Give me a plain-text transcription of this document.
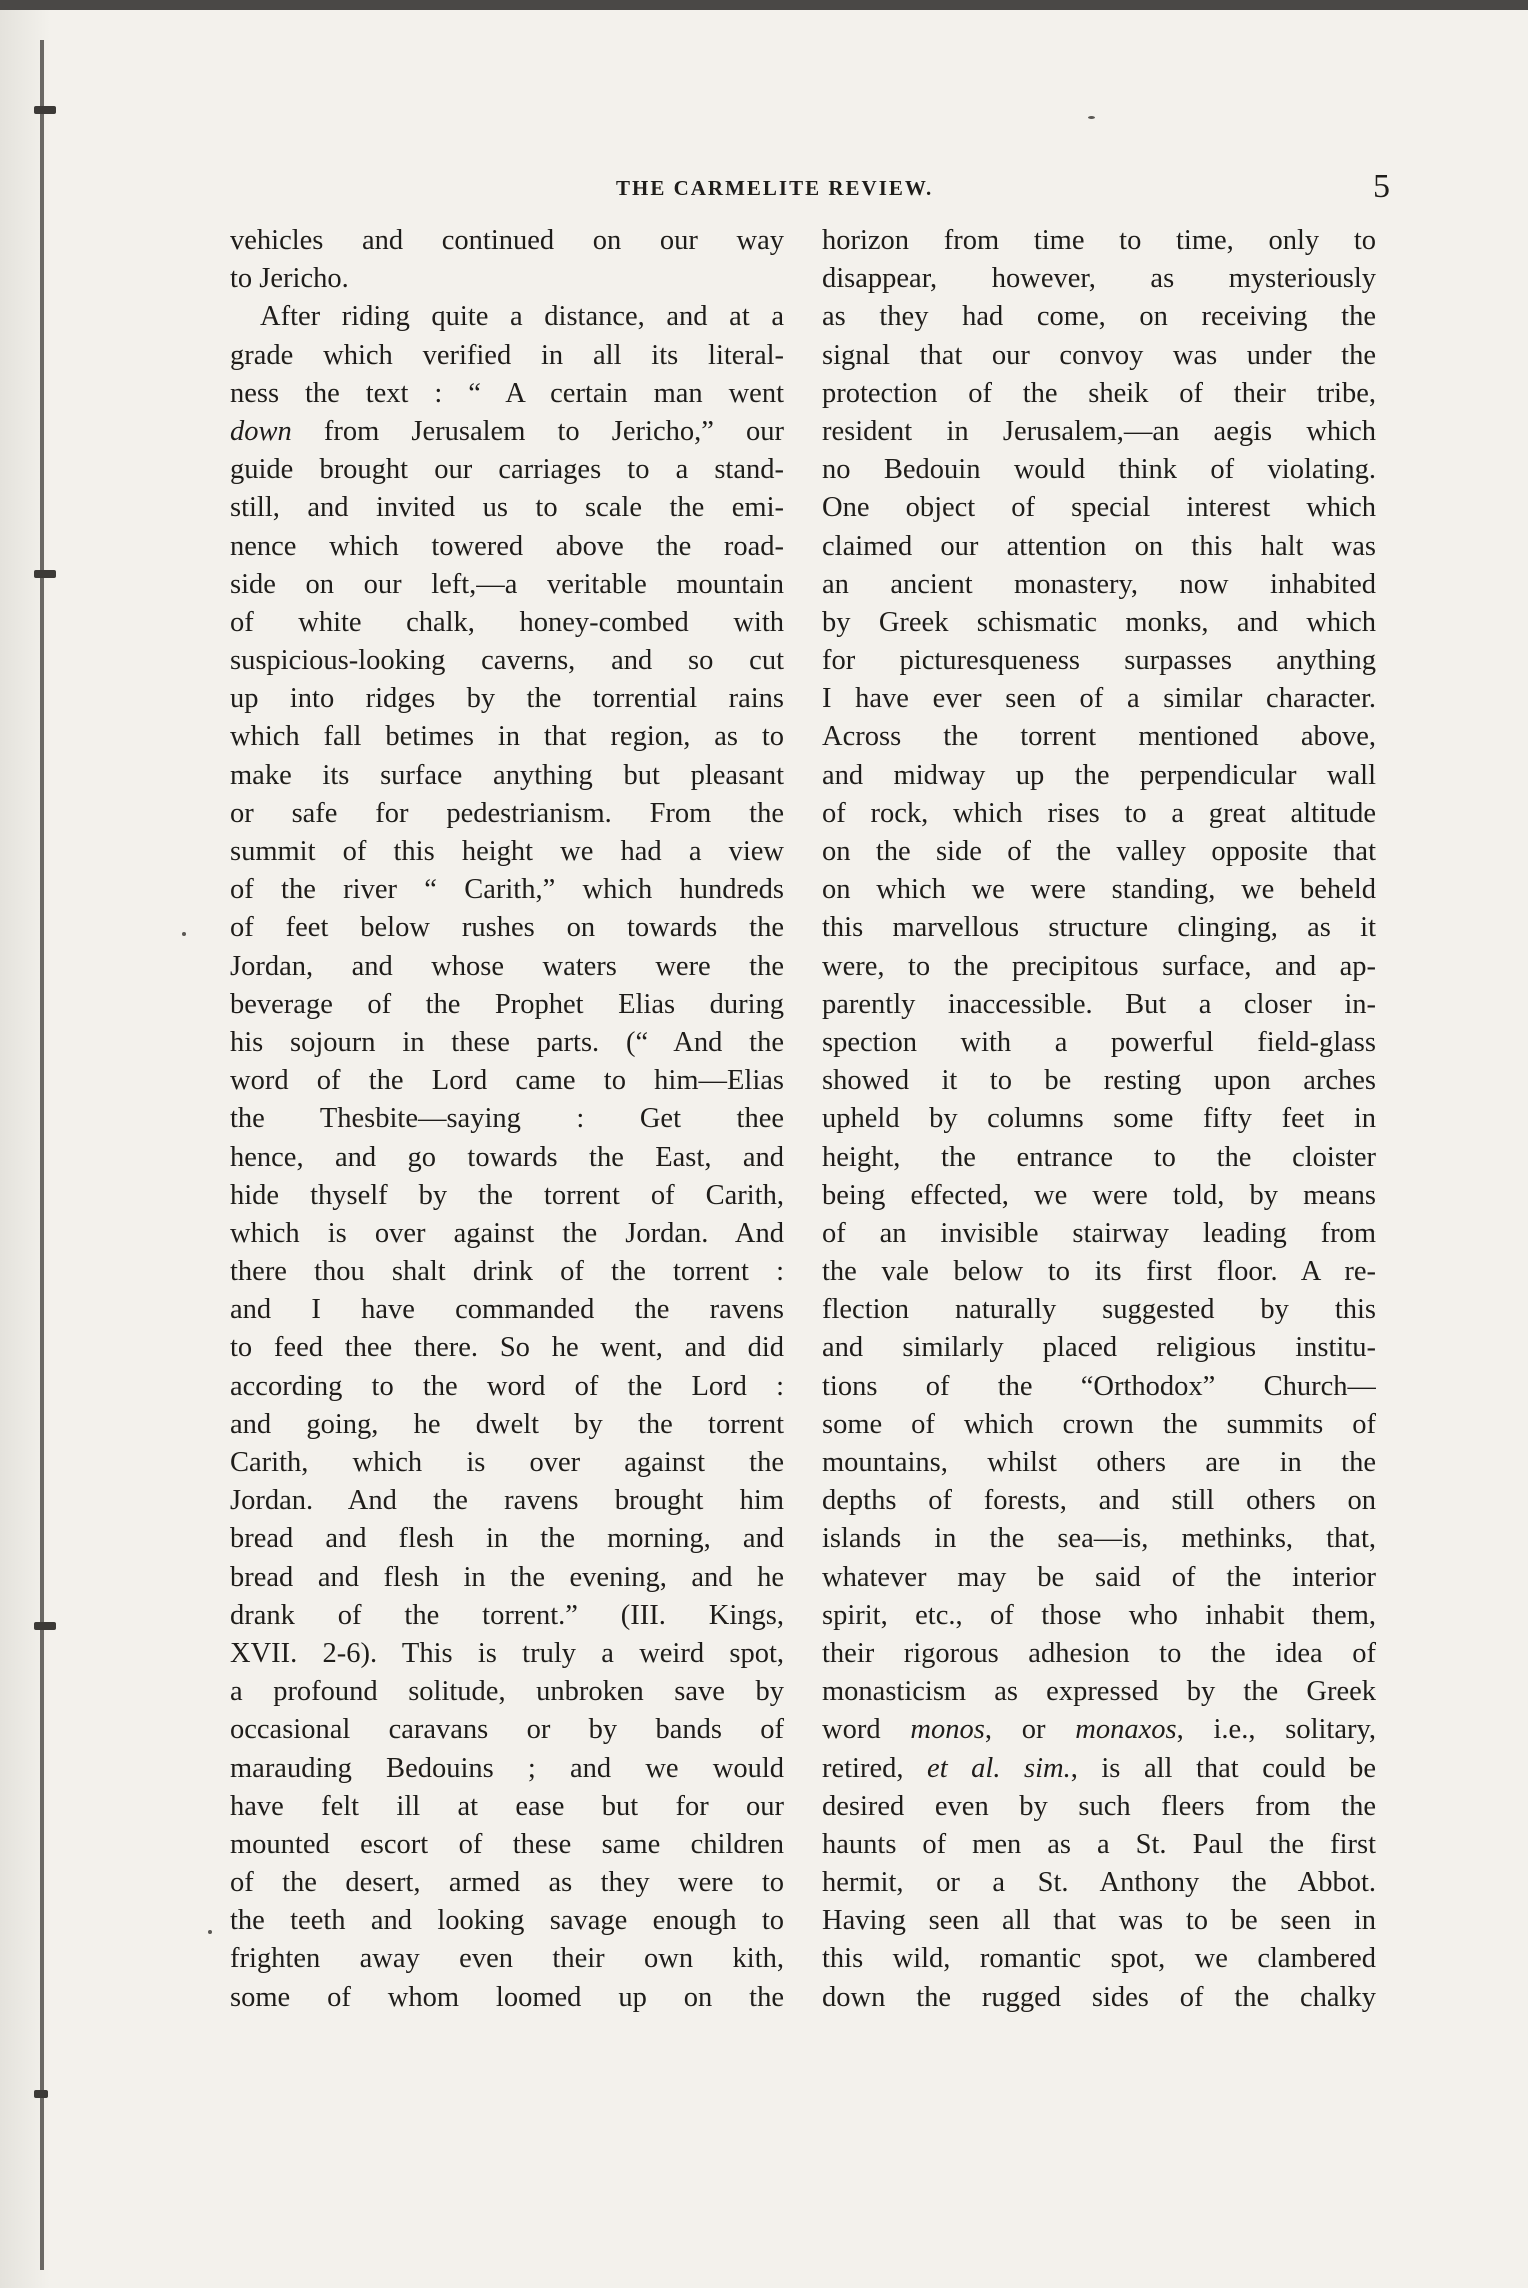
THE CARMELITE REVIEW.	5
vehicles and continued on our way
to Jericho.
After riding quite a distance, and at a
grade which verified in all its literal-
ness the text : “ A certain man went
down from Jerusalem to Jericho,” our
guide brought our carriages to a stand-
still, and invited us to scale the emi-
nence which towered above the road-
side on our left,—a veritable mountain
of white chalk, honey-combed with
suspicious-looking caverns, and so cut
up into ridges by the torrential rains
which fall betimes in that region, as to
make its surface anything but pleasant
or safe for pedestrianism. From the
summit of this height we had a view
of the river “ Carith,” which hundreds
of feet below rushes on towards the
Jordan, and whose waters were the
beverage of the Prophet Elias during
his sojourn in these parts. (“ And the
word of the Lord came to him—Elias
the Thesbite—saying : Get thee
hence, and go towards the East, and
hide thyself by the torrent of Carith,
which is over against the Jordan. And
there thou shalt drink of the torrent :
and I have commanded the ravens
to feed thee there. So he went, and did
according to the word of the Lord :
and going, he dwelt by the torrent
Carith, which is over against the
Jordan. And the ravens brought him
bread and flesh in the morning, and
bread and flesh in the evening, and he
drank of the torrent.” (III. Kings,
XVII. 2-6). This is truly a weird spot,
a profound solitude, unbroken save by
occasional caravans or by bands of
marauding Bedouins ; and we would
have felt ill at ease but for our
mounted escort of these same children
of the desert, armed as they were to
the teeth and looking savage enough to
frighten away even their own kith,
some of whom loomed up on the
horizon from time to time, only to
disappear, however, as mysteriously
as they had come, on receiving the
signal that our convoy was under the
protection of the sheik of their tribe,
resident in Jerusalem,—an aegis which
no Bedouin would think of violating.
One object of special interest which
claimed our attention on this halt was
an ancient monastery, now inhabited
by Greek schismatic monks, and which
for picturesqueness surpasses anything
I have ever seen of a similar character.
Across the torrent mentioned above,
and midway up the perpendicular wall
of rock, which rises to a great altitude
on the side of the valley opposite that
on which we were standing, we beheld
this marvellous structure clinging, as it
were, to the precipitous surface, and ap-
parently inaccessible. But a closer in-
spection with a powerful field-glass
showed it to be resting upon arches
upheld by columns some fifty feet in
height, the entrance to the cloister
being effected, we were told, by means
of an invisible stairway leading from
the vale below to its first floor. A re-
flection naturally suggested by this
and similarly placed religious institu-
tions of the “Orthodox” Church—
some of which crown the summits of
mountains, whilst others are in the
depths of forests, and still others on
islands in the sea—is, methinks, that,
whatever may be said of the interior
spirit, etc., of those who inhabit them,
their rigorous adhesion to the idea of
monasticism as expressed by the Greek
word monos, or monaxos, i.e., solitary,
retired, et al. sim., is all that could be
desired even by such fleers from the
haunts of men as a St. Paul the first
hermit, or a St. Anthony the Abbot.
Having seen all that was to be seen in
this wild, romantic spot, we clambered
down the rugged sides of the chalky
